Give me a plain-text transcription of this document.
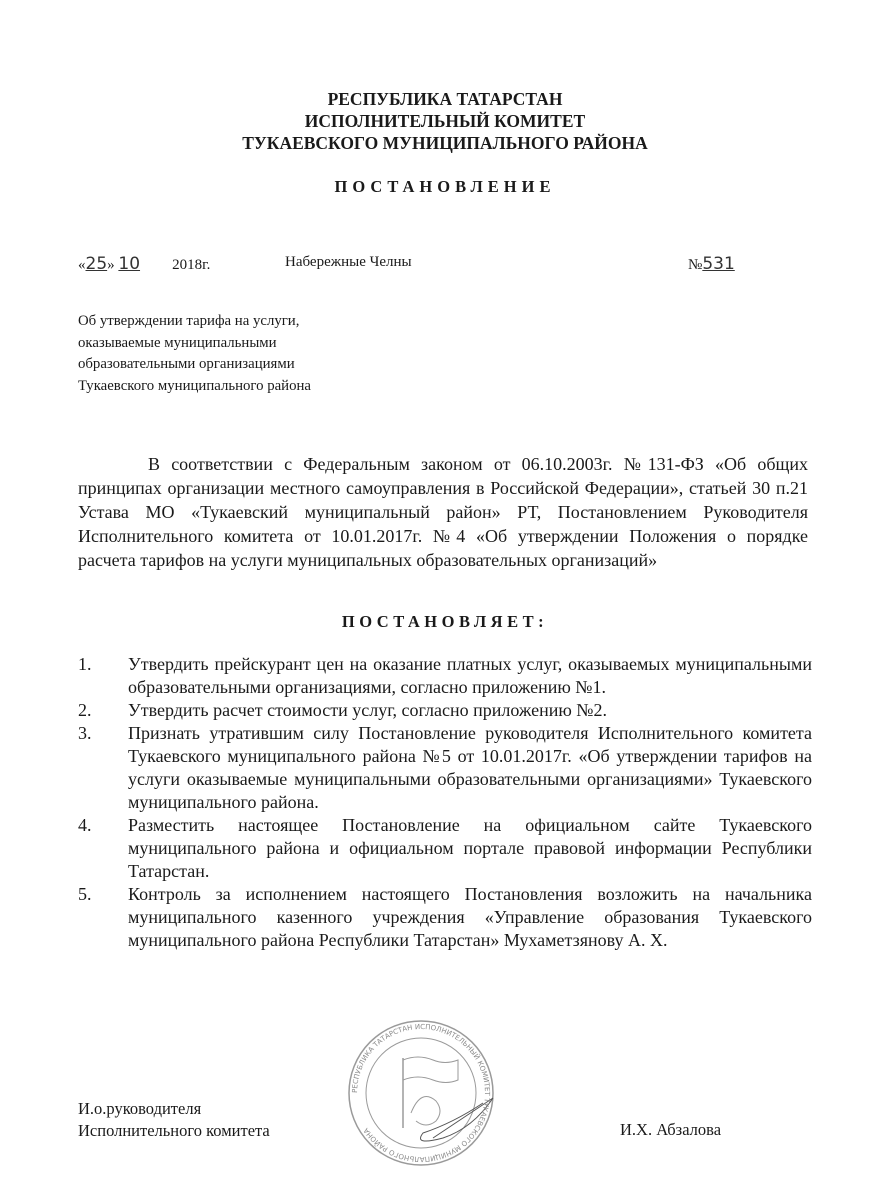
РЕСПУБЛИКА ТАТАРСТАН
ИСПОЛНИТЕЛЬНЫЙ КОМИТЕТ
ТУКАЕВСКОГО МУНИЦИПАЛЬНОГО РАЙОНА
ПОСТАНОВЛЕНИЕ
«25» 10 2018г.	Набережные Челны	№531
Об утверждении тарифа на услуги,
оказываемые муниципальными
образовательными организациями
Тукаевского муниципального района

В соответствии с Федеральным законом от 06.10.2003г. №131-ФЗ «Об общих принципах организации местного самоуправления в Российской Федерации», статьей 30 п.21 Устава МО «Тукаевский муниципальный район» РТ, Постановлением Руководителя Исполнительного комитета от 10.01.2017г. №4 «Об утверждении Положения о порядке расчета тарифов на услуги муниципальных образовательных организаций»

ПОСТАНОВЛЯЕТ:
1. Утвердить прейскурант цен на оказание платных услуг, оказываемых муниципальными образовательными организациями, согласно приложению №1.
2. Утвердить расчет стоимости услуг, согласно приложению №2.
3. Признать утратившим силу Постановление руководителя Исполнительного комитета Тукаевского муниципального района №5 от 10.01.2017г. «Об утверждении тарифов на услуги оказываемые муниципальными образовательными организациями» Тукаевского муниципального района.
4. Разместить настоящее Постановление на официальном сайте Тукаевского муниципального района и официальном портале правовой информации Республики Татарстан.
5. Контроль за исполнением настоящего Постановления возложить на начальника муниципального казенного учреждения «Управление образования Тукаевского муниципального района Республики Татарстан» Мухаметзянову А. Х.
РЕСПУБЛИКА ТАТАРСТАН ИСПОЛНИТЕЛЬНЫЙ КОМИТЕТ ТУКАЕВСКОГО МУНИЦИПАЛЬНОГО РАЙОНА
И.о.руководителя
Исполнительного комитета	И.Х. Абзалова
